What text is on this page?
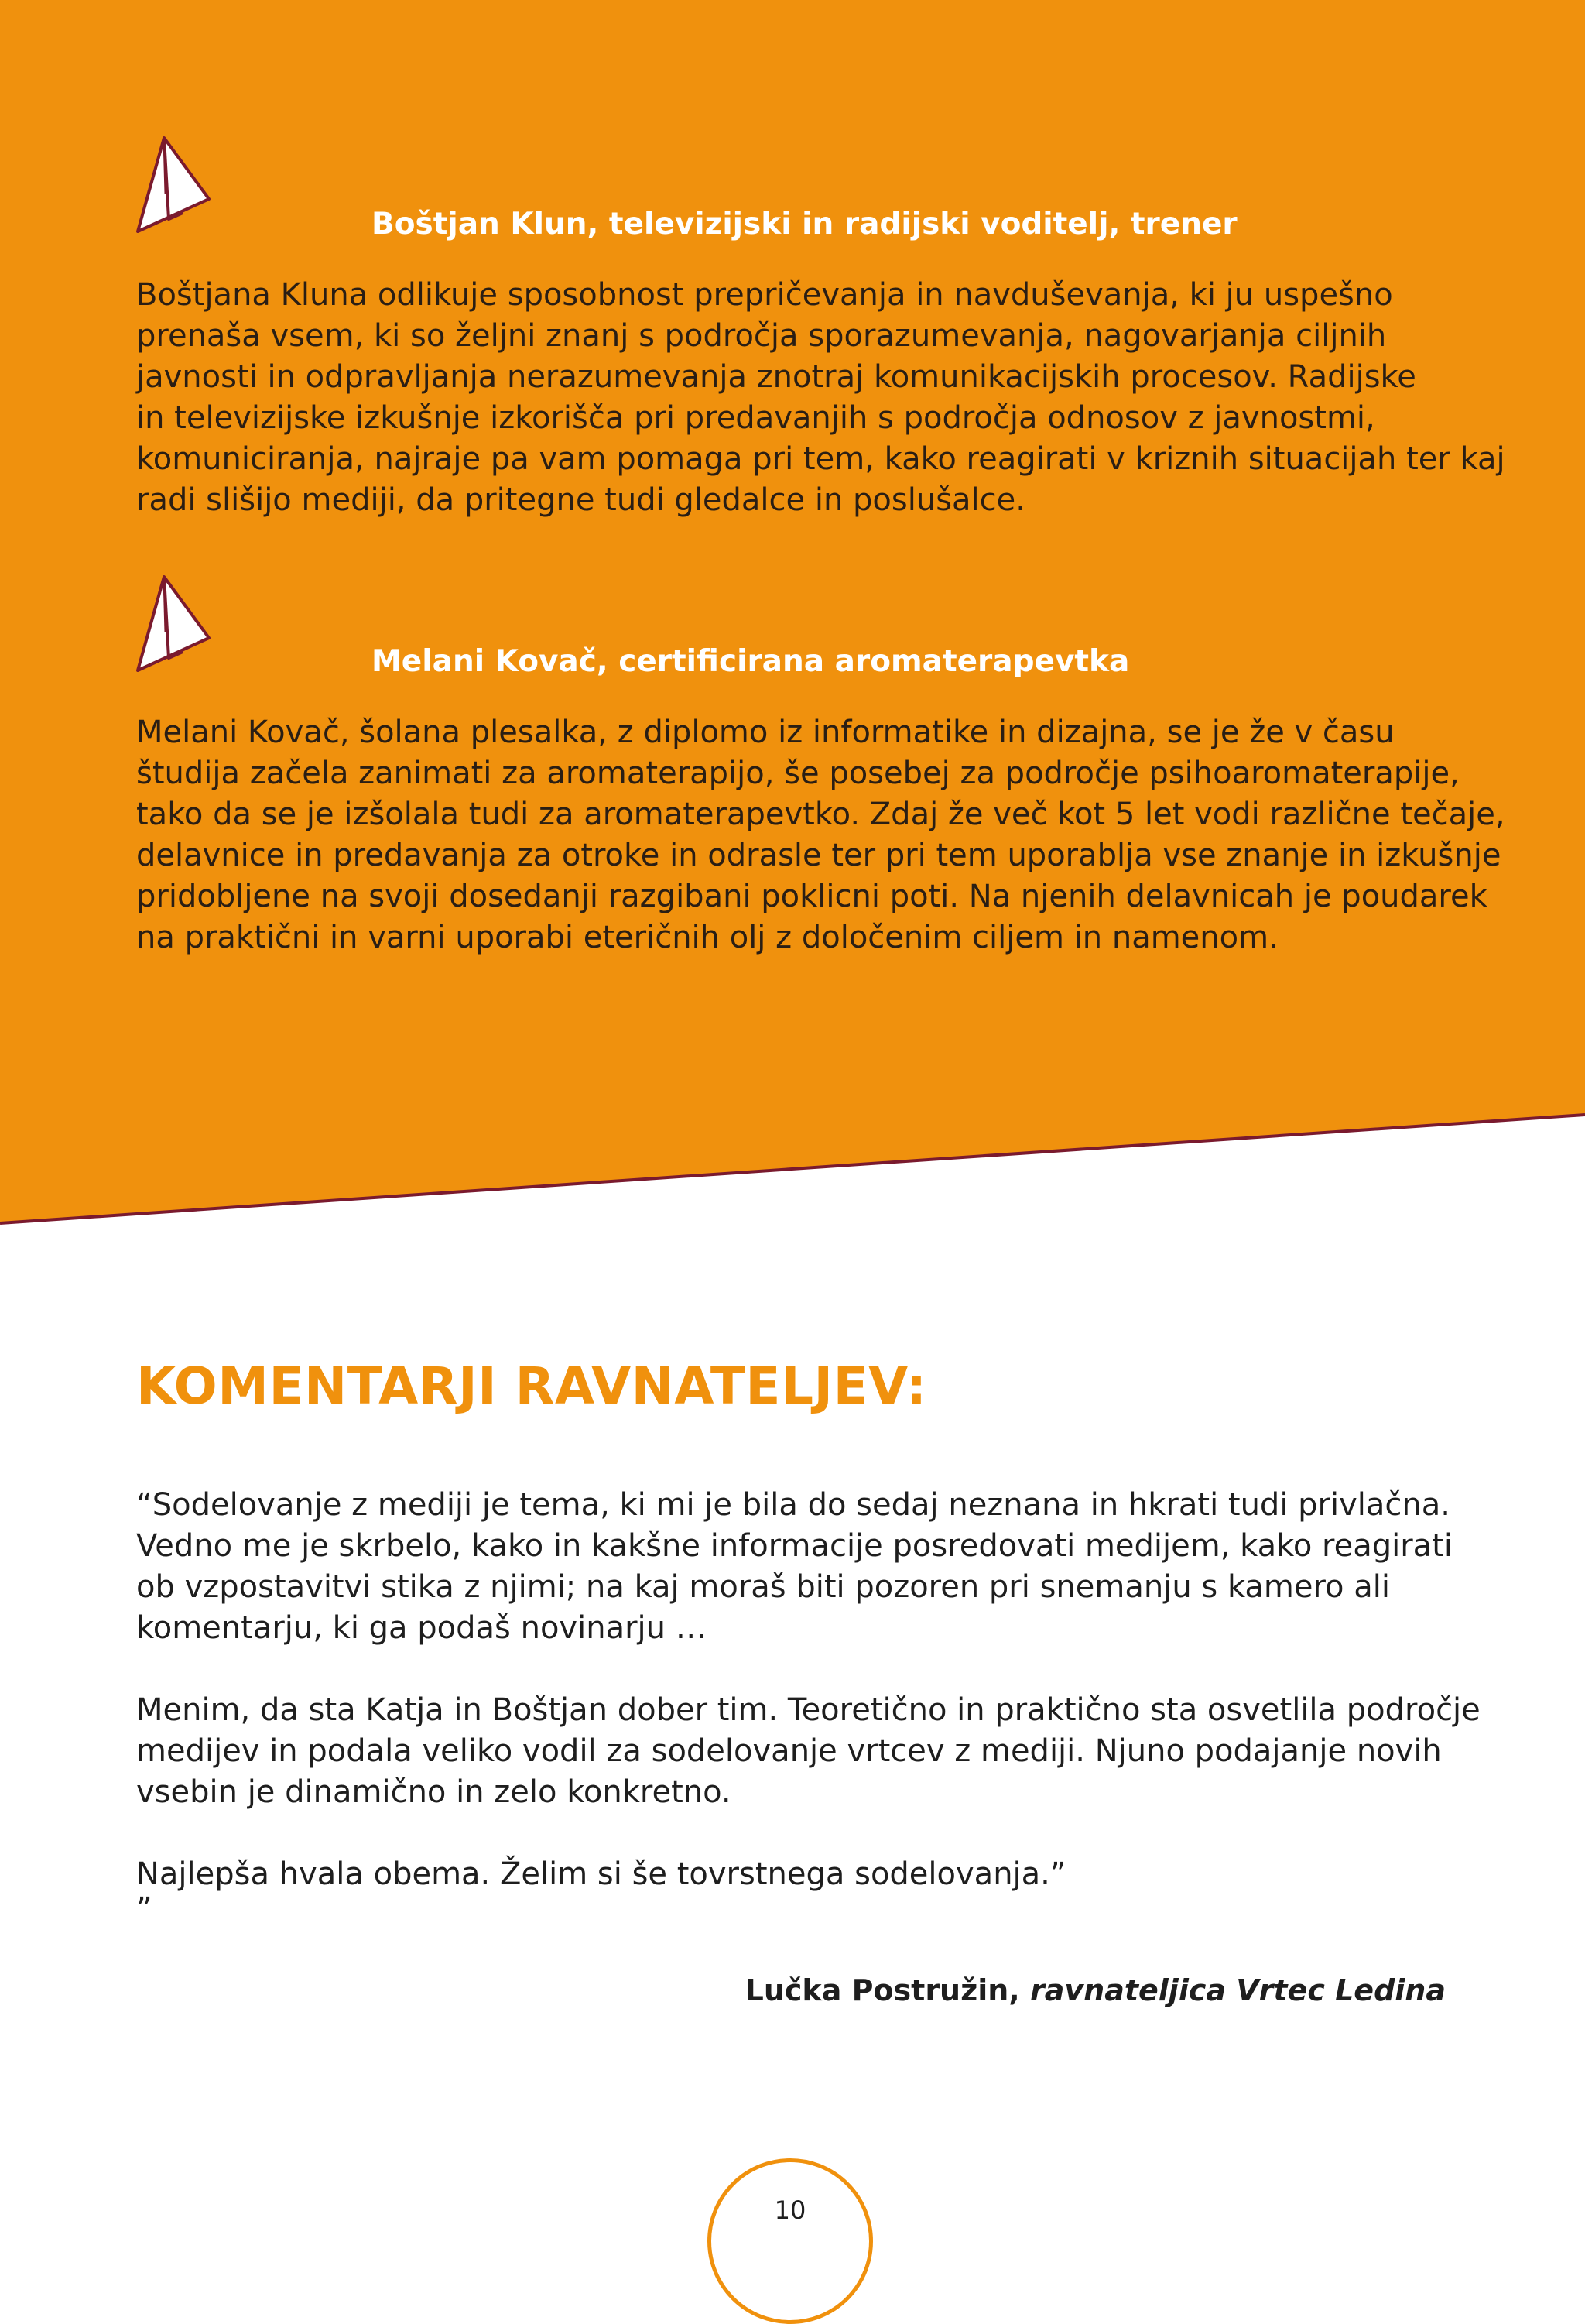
Boštjan Klun, televizijski in radijski voditelj, trener

Boštjana Kluna odlikuje sposobnost prepričevanja in navduševanja, ki ju uspešno
prenaša vsem, ki so željni znanj s področja sporazumevanja, nagovarjanja ciljnih
javnosti in odpravljanja nerazumevanja znotraj komunikacijskih procesov. Radijske
in televizijske izkušnje izkorišča pri predavanjih s področja odnosov z javnostmi,
komuniciranja, najraje pa vam pomaga pri tem, kako reagirati v kriznih situacijah ter kaj
radi slišijo mediji, da pritegne tudi gledalce in poslušalce.

Melani Kovač, certificirana aromaterapevtka

Melani Kovač, šolana plesalka, z diplomo iz informatike in dizajna, se je že v času
študija začela zanimati za aromaterapijo, še posebej za področje psihoaromaterapije,
tako da se je izšolala tudi za aromaterapevtko. Zdaj že več kot 5 let vodi različne tečaje,
delavnice in predavanja za otroke in odrasle ter pri tem uporablja vse znanje in izkušnje
pridobljene na svoji dosedanji razgibani poklicni poti. Na njenih delavnicah je poudarek
na praktični in varni uporabi eteričnih olj z določenim ciljem in namenom.

KOMENTARJI RAVNATELJEV:

“Sodelovanje z mediji je tema, ki mi je bila do sedaj neznana in hkrati tudi privlačna.
Vedno me je skrbelo, kako in kakšne informacije posredovati medijem, kako reagirati
ob vzpostavitvi stika z njimi; na kaj moraš biti pozoren pri snemanju s kamero ali
komentarju, ki ga podaš novinarju …

Menim, da sta Katja in Boštjan dober tim. Teoretično in praktično sta osvetlila področje
medijev in podala veliko vodil za sodelovanje vrtcev z mediji. Njuno podajanje novih
vsebin je dinamično in zelo konkretno.

Najlepša hvala obema. Želim si še tovrstnega sodelovanja.”

”
Lučka Postružin, ravnateljica Vrtec Ledina
10
